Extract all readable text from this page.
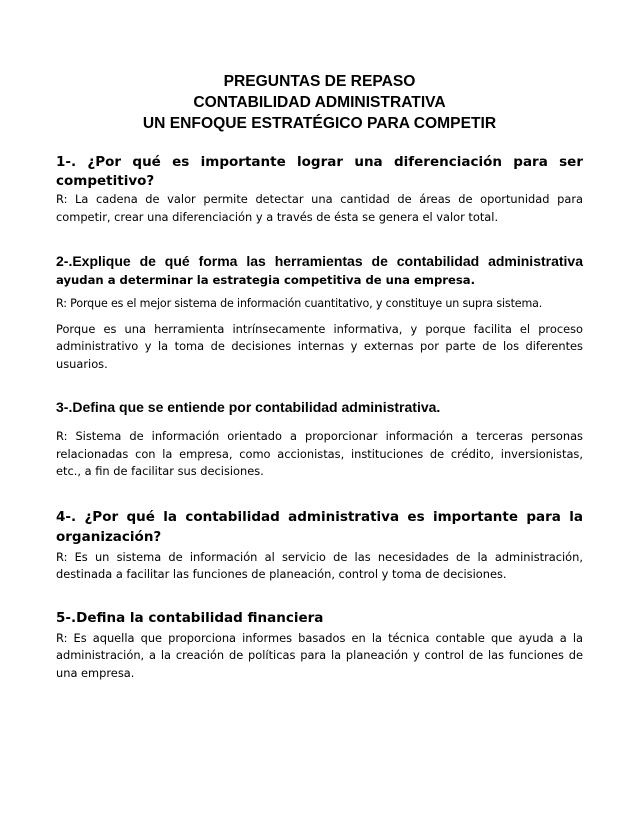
PREGUNTAS DE REPASO
CONTABILIDAD ADMINISTRATIVA
UN ENFOQUE ESTRATÉGICO PARA COMPETIR
1-. ¿Por qué es importante lograr una diferenciación para ser competitivo?

R: La cadena de valor permite detectar una cantidad de áreas de oportunidad para competir, crear una diferenciación y a través de ésta se genera el valor total.

2-.Explique de qué forma las herramientas de contabilidad administrativa
ayudan a determinar la estrategia competitiva de una empresa.

R: Porque es el mejor sistema de información cuantitativo, y constituye un supra sistema.

Porque es una herramienta intrínsecamente informativa, y porque facilita el proceso administrativo y la toma de decisiones internas y externas por parte de los diferentes usuarios.

3-.Defina que se entiende por contabilidad administrativa.

R: Sistema de información orientado a proporcionar información a terceras personas relacionadas con la empresa, como accionistas, instituciones de crédito, inversionistas, etc., a fin de facilitar sus decisiones.

4-. ¿Por qué la contabilidad administrativa es importante para la organización?

R: Es un sistema de información al servicio de las necesidades de la administración, destinada a facilitar las funciones de planeación, control y toma de decisiones.

5-.Defina la contabilidad financiera

R: Es aquella que proporciona informes basados en la técnica contable que ayuda a la administración, a la creación de políticas para la planeación y control de las funciones de una empresa.
